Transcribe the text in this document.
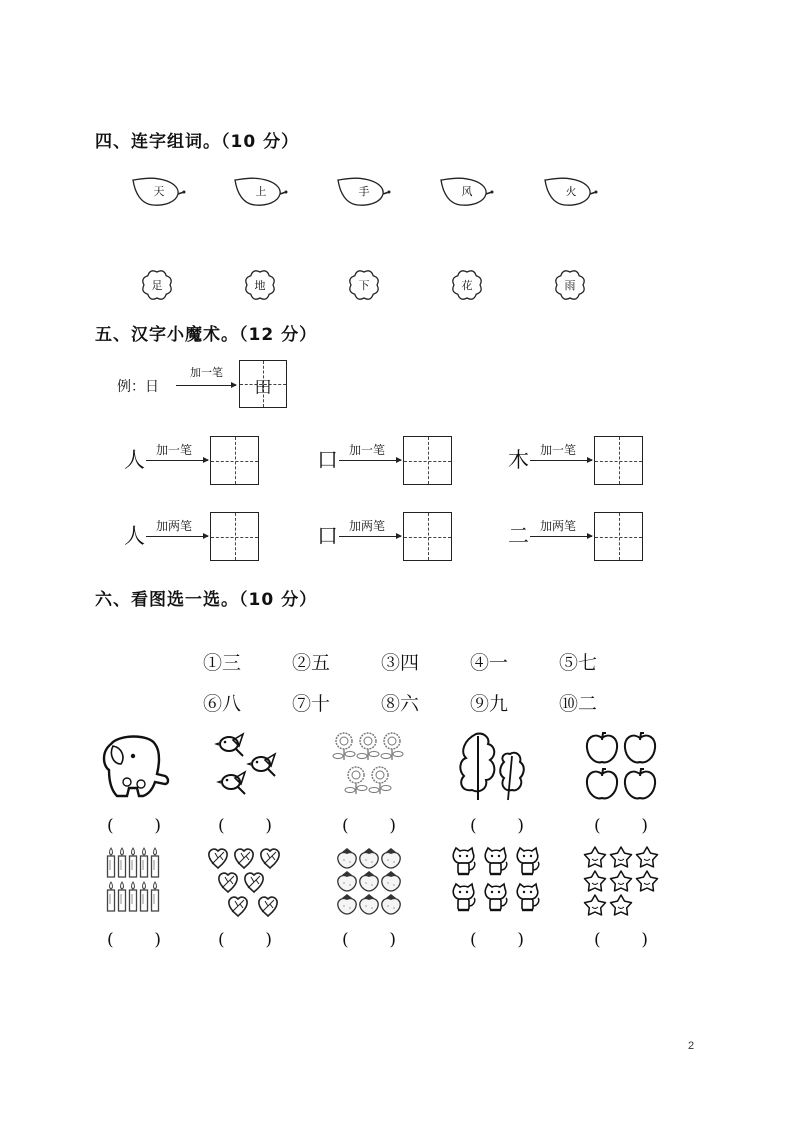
四、连字组词。（10 分）
天	上	手	风	火
足	地	下	花	雨
五、汉字小魔术。（12 分）
例：日
加一笔
田
人 加一笔	口 加一笔	木 加一笔
人 加两笔	口 加两笔	二 加两笔
六、看图选一选。（10 分）
①三	②五	③四	④一	⑤七
⑥八	⑦十	⑧六	⑨九	⑩二
( )	( )	( )	( )	( )
( )	( )	( )	( )	( )
2
